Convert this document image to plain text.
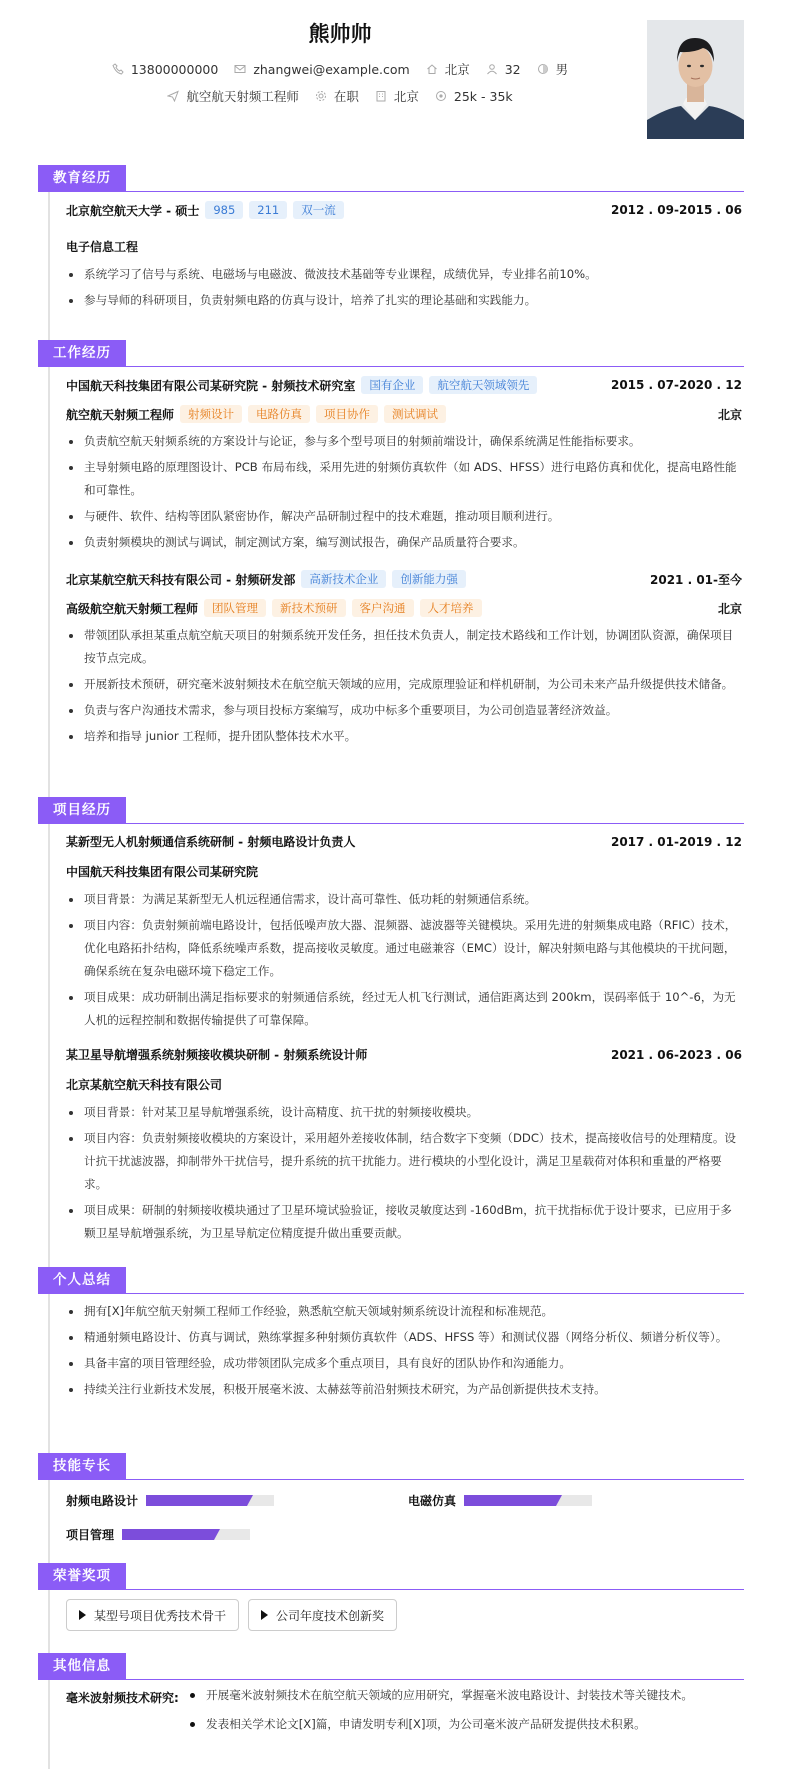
熊帅帅
13800000000	zhangwei@example.com	北京	32	男
航空航天射频工程师	在职	北京	25k - 35k
教育经历
北京航空航天大学 - 硕士	985	211	双一流	2012 . 09-2015 . 06
电子信息工程
系统学习了信号与系统、电磁场与电磁波、微波技术基础等专业课程，成绩优异，专业排名前10%。
参与导师的科研项目，负责射频电路的仿真与设计，培养了扎实的理论基础和实践能力。
工作经历
中国航天科技集团有限公司某研究院 - 射频技术研究室	国有企业	航空航天领域领先	2015 . 07-2020 . 12
航空航天射频工程师	射频设计	电路仿真	项目协作	测试调试	北京
负责航空航天射频系统的方案设计与论证，参与多个型号项目的射频前端设计，确保系统满足性能指标要求。
主导射频电路的原理图设计、PCB 布局布线，采用先进的射频仿真软件（如 ADS、HFSS）进行电路仿真和优化，提高电路性能和可靠性。
与硬件、软件、结构等团队紧密协作，解决产品研制过程中的技术难题，推动项目顺利进行。
负责射频模块的测试与调试，制定测试方案，编写测试报告，确保产品质量符合要求。
北京某航空航天科技有限公司 - 射频研发部	高新技术企业	创新能力强	2021 . 01-至今
高级航空航天射频工程师	团队管理	新技术预研	客户沟通	人才培养	北京
带领团队承担某重点航空航天项目的射频系统开发任务，担任技术负责人，制定技术路线和工作计划，协调团队资源，确保项目按节点完成。
开展新技术预研，研究毫米波射频技术在航空航天领域的应用，完成原理验证和样机研制，为公司未来产品升级提供技术储备。
负责与客户沟通技术需求，参与项目投标方案编写，成功中标多个重要项目，为公司创造显著经济效益。
培养和指导 junior 工程师，提升团队整体技术水平。
项目经历
某新型无人机射频通信系统研制 - 射频电路设计负责人	2017 . 01-2019 . 12
中国航天科技集团有限公司某研究院
项目背景：为满足某新型无人机远程通信需求，设计高可靠性、低功耗的射频通信系统。
项目内容：负责射频前端电路设计，包括低噪声放大器、混频器、滤波器等关键模块。采用先进的射频集成电路（RFIC）技术，优化电路拓扑结构，降低系统噪声系数，提高接收灵敏度。通过电磁兼容（EMC）设计，解决射频电路与其他模块的干扰问题，确保系统在复杂电磁环境下稳定工作。
项目成果：成功研制出满足指标要求的射频通信系统，经过无人机飞行测试，通信距离达到 200km，误码率低于 10^-6，为无人机的远程控制和数据传输提供了可靠保障。
某卫星导航增强系统射频接收模块研制 - 射频系统设计师	2021 . 06-2023 . 06
北京某航空航天科技有限公司
项目背景：针对某卫星导航增强系统，设计高精度、抗干扰的射频接收模块。
项目内容：负责射频接收模块的方案设计，采用超外差接收体制，结合数字下变频（DDC）技术，提高接收信号的处理精度。设计抗干扰滤波器，抑制带外干扰信号，提升系统的抗干扰能力。进行模块的小型化设计，满足卫星载荷对体积和重量的严格要求。
项目成果：研制的射频接收模块通过了卫星环境试验验证，接收灵敏度达到 -160dBm，抗干扰指标优于设计要求，已应用于多颗卫星导航增强系统，为卫星导航定位精度提升做出重要贡献。
个人总结
拥有[X]年航空航天射频工程师工作经验，熟悉航空航天领域射频系统设计流程和标准规范。
精通射频电路设计、仿真与调试，熟练掌握多种射频仿真软件（ADS、HFSS 等）和测试仪器（网络分析仪、频谱分析仪等）。
具备丰富的项目管理经验，成功带领团队完成多个重点项目，具有良好的团队协作和沟通能力。
持续关注行业新技术发展，积极开展毫米波、太赫兹等前沿射频技术研究，为产品创新提供技术支持。
技能专长
射频电路设计	电磁仿真
项目管理
荣誉奖项
某型号项目优秀技术骨干	公司年度技术创新奖
其他信息
毫米波射频技术研究:	开展毫米波射频技术在航空航天领域的应用研究，掌握毫米波电路设计、封装技术等关键技术。
发表相关学术论文[X]篇，申请发明专利[X]项，为公司毫米波产品研发提供技术积累。
